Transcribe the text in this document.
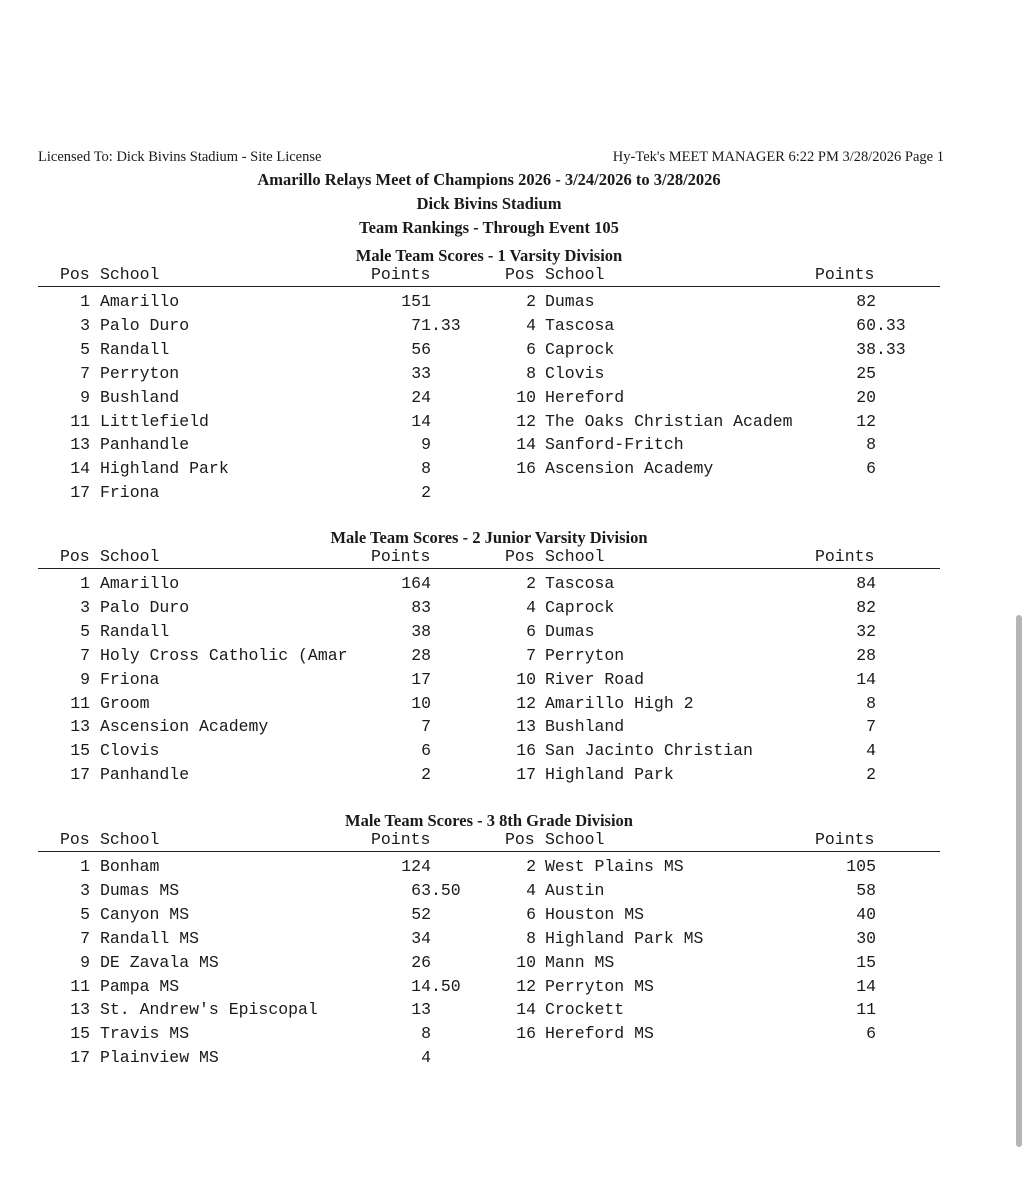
Licensed To: Dick Bivins Stadium - Site License	Hy-Tek's MEET MANAGER 6:22 PM 3/28/2026 Page 1
Amarillo Relays Meet of Champions 2026 - 3/24/2026 to 3/28/2026
Dick Bivins Stadium
Team Rankings - Through Event 105
Male Team Scores - 1 Varsity Division
Pos School	Points	Pos School	Points
1 Amarillo	151	2 Dumas	82
3 Palo Duro	71.33	4 Tascosa	60.33
5 Randall	56	6 Caprock	38.33
7 Perryton	33	8 Clovis	25
9 Bushland	24	10 Hereford	20
11 Littlefield	14	12 The Oaks Christian Academ	12
13 Panhandle	9	14 Sanford-Fritch	8
14 Highland Park	8	16 Ascension Academy	6
17 Friona	2
Male Team Scores - 2 Junior Varsity Division
Pos School	Points	Pos School	Points
1 Amarillo	164	2 Tascosa	84
3 Palo Duro	83	4 Caprock	82
5 Randall	38	6 Dumas	32
7 Holy Cross Catholic (Amar	28	7 Perryton	28
9 Friona	17	10 River Road	14
11 Groom	10	12 Amarillo High 2	8
13 Ascension Academy	7	13 Bushland	7
15 Clovis	6	16 San Jacinto Christian	4
17 Panhandle	2	17 Highland Park	2
Male Team Scores - 3 8th Grade Division
Pos School	Points	Pos School	Points
1 Bonham	124	2 West Plains MS	105
3 Dumas MS	63.50	4 Austin	58
5 Canyon MS	52	6 Houston MS	40
7 Randall MS	34	8 Highland Park MS	30
9 DE Zavala MS	26	10 Mann MS	15
11 Pampa MS	14.50	12 Perryton MS	14
13 St. Andrew's Episcopal	13	14 Crockett	11
15 Travis MS	8	16 Hereford MS	6
17 Plainview MS	4
